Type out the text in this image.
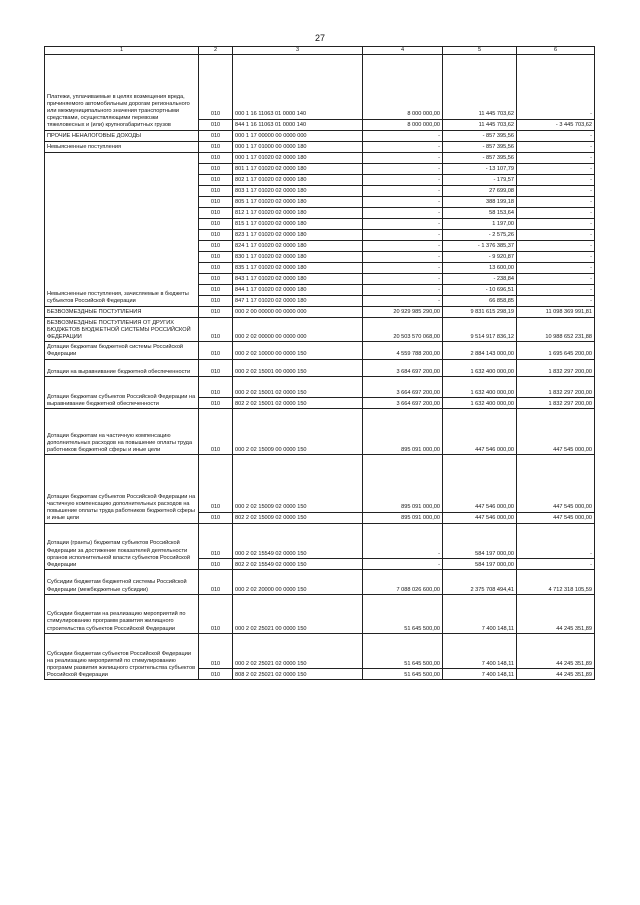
27
1	2	3	4	5	6
Платежи, уплачиваемые в целях возмещения вреда, причиняемого автомобильным дорогам регионального или межмуниципального значения транспортными средствами, осуществляющими перевозки тяжеловесных и (или) крупногабаритных грузов	010	000 1 16 11063 01 0000 140	8 000 000,00	11 445 703,62	-
	010	844 1 16 11063 01 0000 140	8 000 000,00	11 445 703,62	- 3 445 703,62
ПРОЧИЕ НЕНАЛОГОВЫЕ ДОХОДЫ	010	000 1 17 00000 00 0000 000	-	- 857 395,56	-
Невыясненные поступления	010	000 1 17 01000 00 0000 180	-	- 857 395,56	-
Невыясненные поступления, зачисляемые в бюджеты субъектов Российской Федерации	010	000 1 17 01020 02 0000 180	-	- 857 395,56	-
	010	801 1 17 01020 02 0000 180	-	- 13 107,79	-
	010	802 1 17 01020 02 0000 180	-	- 179,57	-
	010	803 1 17 01020 02 0000 180	-	27 699,08	-
	010	805 1 17 01020 02 0000 180	-	388 199,18	-
	010	812 1 17 01020 02 0000 180	-	58 153,64	-
	010	815 1 17 01020 02 0000 180	-	1 197,00	-
	010	823 1 17 01020 02 0000 180	-	- 2 575,26	-
	010	824 1 17 01020 02 0000 180	-	- 1 376 385,37	-
	010	830 1 17 01020 02 0000 180	-	- 9 920,87	-
	010	835 1 17 01020 02 0000 180	-	13 600,00	-
	010	843 1 17 01020 02 0000 180	-	- 238,84	-
	010	844 1 17 01020 02 0000 180	-	- 10 696,51	-
	010	847 1 17 01020 02 0000 180	-	66 858,85	-
БЕЗВОЗМЕЗДНЫЕ ПОСТУПЛЕНИЯ	010	000 2 00 00000 00 0000 000	20 929 985 290,00	9 831 615 298,19	11 098 369 991,81
БЕЗВОЗМЕЗДНЫЕ ПОСТУПЛЕНИЯ ОТ ДРУГИХ БЮДЖЕТОВ БЮДЖЕТНОЙ СИСТЕМЫ РОССИЙСКОЙ ФЕДЕРАЦИИ	010	000 2 02 00000 00 0000 000	20 503 570 068,00	9 514 917 836,12	10 988 652 231,88
Дотации бюджетам бюджетной системы Российской Федерации	010	000 2 02 10000 00 0000 150	4 559 788 200,00	2 884 143 000,00	1 695 645 200,00
Дотации на выравнивание бюджетной обеспеченности	010	000 2 02 15001 00 0000 150	3 684 697 200,00	1 632 400 000,00	1 832 297 200,00
Дотации бюджетам субъектов Российской Федерации на выравнивание бюджетной обеспеченности	010	000 2 02 15001 02 0000 150	3 664 697 200,00	1 632 400 000,00	1 832 297 200,00
	010	802 2 02 15001 02 0000 150	3 664 697 200,00	1 632 400 000,00	1 832 297 200,00
Дотации бюджетам на частичную компенсацию дополнительных расходов на повышение оплаты труда работников бюджетной сферы и иные цели	010	000 2 02 15009 00 0000 150	895 091 000,00	447 546 000,00	447 545 000,00
Дотации бюджетам субъектов Российской Федерации на частичную компенсацию дополнительных расходов на повышение оплаты труда работников бюджетной сферы и иные цели	010	000 2 02 15009 02 0000 150	895 091 000,00	447 546 000,00	447 545 000,00
	010	802 2 02 15009 02 0000 150	895 091 000,00	447 546 000,00	447 545 000,00
Дотации (гранты) бюджетам субъектов Российской Федерации за достижение показателей деятельности органов исполнительной власти субъектов Российской Федерации	010	000 2 02 15549 02 0000 150	-	584 197 000,00	-
	010	802 2 02 15549 02 0000 150	-	584 197 000,00	-
Субсидии бюджетам бюджетной системы Российской Федерации (межбюджетные субсидии)	010	000 2 02 20000 00 0000 150	7 088 026 600,00	2 375 708 494,41	4 712 318 105,59
Субсидии бюджетам на реализацию мероприятий по стимулированию программ развития жилищного строительства субъектов Российской Федерации	010	000 2 02 25021 00 0000 150	51 645 500,00	7 400 148,11	44 245 351,89
Субсидии бюджетам субъектов Российской Федерации на реализацию мероприятий по стимулированию программ развития жилищного строительства субъектов Российской Федерации	010	000 2 02 25021 02 0000 150	51 645 500,00	7 400 148,11	44 245 351,89
	010	808 2 02 25021 02 0000 150	51 645 500,00	7 400 148,11	44 245 351,89
